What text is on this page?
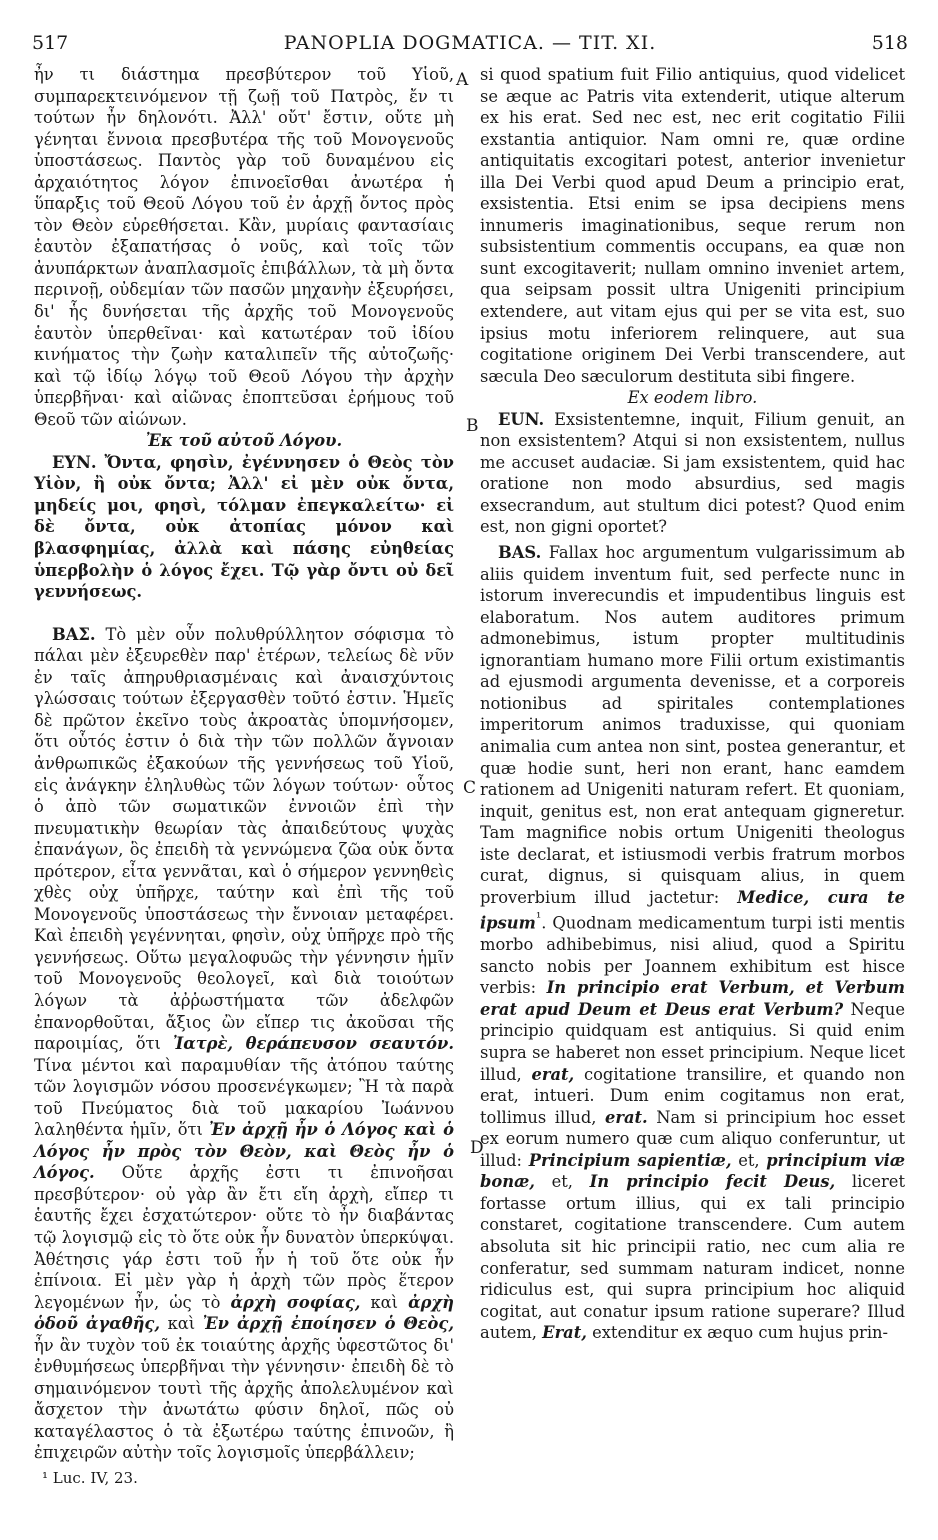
517	PANOPLIA DOGMATICA. — TIT. XI.	518
A
B
C
D

ἦν τι διάστημα πρεσβύτερον τοῦ Υἱοῦ, συμπαρεκτεινόμενον τῇ ζωῇ τοῦ Πατρὸς, ἔν τι τούτων ἦν δηλονότι. Ἀλλ' οὔτ' ἔστιν, οὔτε μὴ γένηται ἔννοια πρεσβυτέρα τῆς τοῦ Μονογενοῦς ὑποστάσεως. Παντὸς γὰρ τοῦ δυναμένου εἰς ἀρχαιότητος λόγον ἐπινοεῖσθαι ἀνωτέρα ἡ ὕπαρξις τοῦ Θεοῦ Λόγου τοῦ ἐν ἀρχῇ ὄντος πρὸς τὸν Θεὸν εὑρεθήσεται. Κἂν, μυρίαις φαντασίαις ἑαυτὸν ἐξαπατήσας ὁ νοῦς, καὶ τοῖς τῶν ἀνυπάρκτων ἀναπλασμοῖς ἐπιβάλλων, τὰ μὴ ὄντα περινοῇ, οὐδεμίαν τῶν πασῶν μηχανὴν ἐξευρήσει, δι' ἧς δυνήσεται τῆς ἀρχῆς τοῦ Μονογενοῦς ἑαυτὸν ὑπερθεῖναι· καὶ κατωτέραν τοῦ ἰδίου κινήματος τὴν ζωὴν καταλιπεῖν τῆς αὐτοζωῆς· καὶ τῷ ἰδίῳ λόγῳ τοῦ Θεοῦ Λόγου τὴν ἀρχὴν ὑπερβῆναι· καὶ αἰῶνας ἐποπτεῦσαι ἐρήμους τοῦ Θεοῦ τῶν αἰώνων.

Ἐκ τοῦ αὐτοῦ Λόγου.

ΕΥΝ. Ὄντα, φησὶν, ἐγέννησεν ὁ Θεὸς τὸν Υἱὸν, ἢ οὐκ ὄντα; Ἀλλ' εἰ μὲν οὐκ ὄντα, μηδείς μοι, φησὶ, τόλμαν ἐπεγκαλείτω· εἰ δὲ ὄντα, οὐκ ἀτοπίας μόνον καὶ βλασφημίας, ἀλλὰ καὶ πάσης εὐηθείας ὑπερβολὴν ὁ λόγος ἔχει. Τῷ γὰρ ὄντι οὐ δεῖ γεννήσεως.

ΒΑΣ. Τὸ μὲν οὖν πολυθρύλλητον σόφισμα τὸ πάλαι μὲν ἐξευρεθὲν παρ' ἑτέρων, τελείως δὲ νῦν ἐν ταῖς ἀπηρυθριασμέναις καὶ ἀναισχύντοις γλώσσαις τούτων ἐξεργασθὲν τοῦτό ἐστιν. Ἡμεῖς δὲ πρῶτον ἐκεῖνο τοὺς ἀκροατὰς ὑπομνήσομεν, ὅτι οὗτός ἐστιν ὁ διὰ τὴν τῶν πολλῶν ἄγνοιαν ἀνθρωπικῶς ἐξακούων τῆς γεννήσεως τοῦ Υἱοῦ, εἰς ἀνάγκην ἐληλυθὼς τῶν λόγων τούτων· οὗτος ὁ ἀπὸ τῶν σωματικῶν ἐννοιῶν ἐπὶ τὴν πνευματικὴν θεωρίαν τὰς ἀπαιδεύτους ψυχὰς ἐπανάγων, ὃς ἐπειδὴ τὰ γεννώμενα ζῶα οὐκ ὄντα πρότερον, εἶτα γεννᾶται, καὶ ὁ σήμερον γεννηθεὶς χθὲς οὐχ ὑπῆρχε, ταύτην καὶ ἐπὶ τῆς τοῦ Μονογενοῦς ὑποστάσεως τὴν ἔννοιαν μεταφέρει. Καὶ ἐπειδὴ γεγέννηται, φησὶν, οὐχ ὑπῆρχε πρὸ τῆς γεννήσεως. Οὕτω μεγαλοφυῶς τὴν γέννησιν ἡμῖν τοῦ Μονογενοῦς θεολογεῖ, καὶ διὰ τοιούτων λόγων τὰ ἀῤῥωστήματα τῶν ἀδελφῶν ἐπανορθοῦται, ἄξιος ὢν εἴπερ τις ἀκοῦσαι τῆς παροιμίας, ὅτι Ἰατρὲ, θεράπευσον σεαυτόν. Τίνα μέντοι καὶ παραμυθίαν τῆς ἀτόπου ταύτης τῶν λογισμῶν νόσου προσενέγκωμεν; Ἢ τὰ παρὰ τοῦ Πνεύματος διὰ τοῦ μακαρίου Ἰωάννου λαληθέντα ἡμῖν, ὅτι Ἐν ἀρχῇ ἦν ὁ Λόγος καὶ ὁ Λόγος ἦν πρὸς τὸν Θεὸν, καὶ Θεὸς ἦν ὁ Λόγος. Οὔτε ἀρχῆς ἐστι τι ἐπινοῆσαι πρεσβύτερον· οὐ γὰρ ἂν ἔτι εἴη ἀρχὴ, εἴπερ τι ἑαυτῆς ἔχει ἐσχατώτερον· οὔτε τὸ ἦν διαβάντας τῷ λογισμῷ εἰς τὸ ὅτε οὐκ ἦν δυνατὸν ὑπερκύψαι. Ἀθέτησις γάρ ἐστι τοῦ ἦν ἡ τοῦ ὅτε οὐκ ἦν ἐπίνοια. Εἰ μὲν γὰρ ἡ ἀρχὴ τῶν πρὸς ἕτερον λεγομένων ἦν, ὡς τὸ ἀρχὴ σοφίας, καὶ ἀρχὴ ὁδοῦ ἀγαθῆς, καὶ Ἐν ἀρχῇ ἐποίησεν ὁ Θεὸς, ἦν ἂν τυχὸν τοῦ ἐκ τοιαύτης ἀρχῆς ὑφεστῶτος δι' ἐνθυμήσεως ὑπερβῆναι τὴν γέννησιν· ἐπειδὴ δὲ τὸ σημαινόμενον τουτὶ τῆς ἀρχῆς ἀπολελυμένον καὶ ἄσχετον τὴν ἀνωτάτω φύσιν δηλοῖ, πῶς οὐ καταγέλαστος ὁ τὰ ἐξωτέρω ταύτης ἐπινοῶν, ἢ ἐπιχειρῶν αὐτὴν τοῖς λογισμοῖς ὑπερβάλλειν;

¹ Luc. IV, 23.

si quod spatium fuit Filio antiquius, quod videlicet se æque ac Patris vita extenderit, utique alterum ex his erat. Sed nec est, nec erit cogitatio Filii exstantia antiquior. Nam omni re, quæ ordine antiquitatis excogitari potest, anterior invenietur illa Dei Verbi quod apud Deum a principio erat, exsistentia. Etsi enim se ipsa decipiens mens innumeris imaginationibus, seque rerum non subsistentium commentis occupans, ea quæ non sunt excogitaverit; nullam omnino inveniet artem, qua seipsam possit ultra Unigeniti principium extendere, aut vitam ejus qui per se vita est, suo ipsius motu inferiorem relinquere, aut sua cogitatione originem Dei Verbi transcendere, aut sæcula Deo sæculorum destituta sibi fingere.

Ex eodem libro.

EUN. Exsistentemne, inquit, Filium genuit, an non exsistentem? Atqui si non exsistentem, nullus me accuset audaciæ. Si jam exsistentem, quid hac oratione non modo absurdius, sed magis exsecrandum, aut stultum dici potest? Quod enim est, non gigni oportet?

BAS. Fallax hoc argumentum vulgarissimum ab aliis quidem inventum fuit, sed perfecte nunc in istorum inverecundis et impudentibus linguis est elaboratum. Nos autem auditores primum admonebimus, istum propter multitudinis ignorantiam humano more Filii ortum existimantis ad ejusmodi argumenta devenisse, et a corporeis notionibus ad spiritales contemplationes imperitorum animos traduxisse, qui quoniam animalia cum antea non sint, postea generantur, et quæ hodie sunt, heri non erant, hanc eamdem rationem ad Unigeniti naturam refert. Et quoniam, inquit, genitus est, non erat antequam gigneretur. Tam magnifice nobis ortum Unigeniti theologus iste declarat, et istiusmodi verbis fratrum morbos curat, dignus, si quisquam alius, in quem proverbium illud jactetur: Medice, cura te ipsum$^{^1}$. Quodnam medicamentum turpi isti mentis morbo adhibebimus, nisi aliud, quod a Spiritu sancto nobis per Joannem exhibitum est hisce verbis: In principio erat Verbum, et Verbum erat apud Deum et Deus erat Verbum? Neque principio quidquam est antiquius. Si quid enim supra se haberet non esset principium. Neque licet illud, erat, cogitatione transilire, et quando non erat, intueri. Dum enim cogitamus non erat, tollimus illud, erat. Nam si principium hoc esset ex eorum numero quæ cum aliquo conferuntur, ut illud: Principium sapientiæ, et, principium viæ bonæ, et, In principio fecit Deus, liceret fortasse ortum illius, qui ex tali principio constaret, cogitatione transcendere. Cum autem absoluta sit hic principii ratio, nec cum alia re conferatur, sed summam naturam indicet, nonne ridiculus est, qui supra principium hoc aliquid cogitat, aut conatur ipsum ratione superare? Illud autem, Erat, extenditur ex æquo cum hujus prin-
